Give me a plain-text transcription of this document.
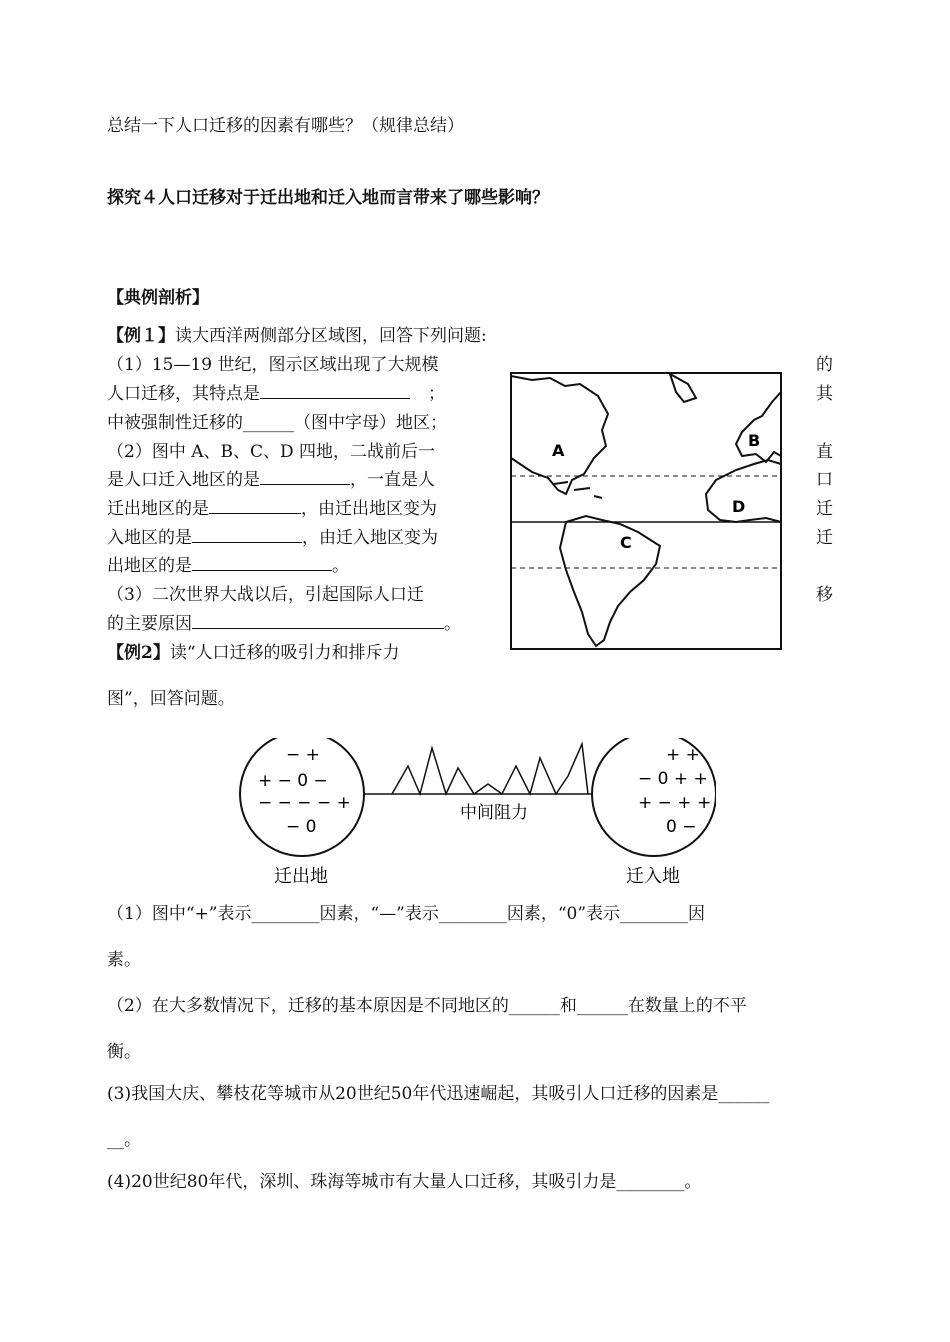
总结一下人口迁移的因素有哪些？（规律总结）
探究４人口迁移对于迁出地和迁入地而言带来了哪些影响？
【典例剖析】
【例１】读大西洋两侧部分区域图，回答下列问题:
（1）15—19 世纪，图示区域出现了大规模	的
人口迁移，其特点是	；	其
中被强制性迁移的______（图中字母）地区；
（2）图中 A、B、C、D 四地，二战前后一	直
是人口迁入地区的是	，一直是人	口
迁出地区的是	，由迁出地区变为	迁
入地区的是	，由迁入地区变为	迁
出地区的是	。
（3）二次世界大战以后，引起国际人口迁	移
的主要原因	。
A
B
C
D
【例2】读“人口迁移的吸引力和排斥力
图”，回答问题。
中间阻力
− +
+ − 0 −
− − − − +
− 0
+ +
− 0 + +
+ − + +
0 −
迁出地	迁入地
（1）图中“+”表示________因素，“—”表示________因素，“0”表示________因
素。
（2）在大多数情况下，迁移的基本原因是不同地区的______和______在数量上的不平
衡。
(3)我国大庆、攀枝花等城市从20世纪50年代迅速崛起，其吸引人口迁移的因素是______
__。
(4)20世纪80年代，深圳、珠海等城市有大量人口迁移，其吸引力是________。
